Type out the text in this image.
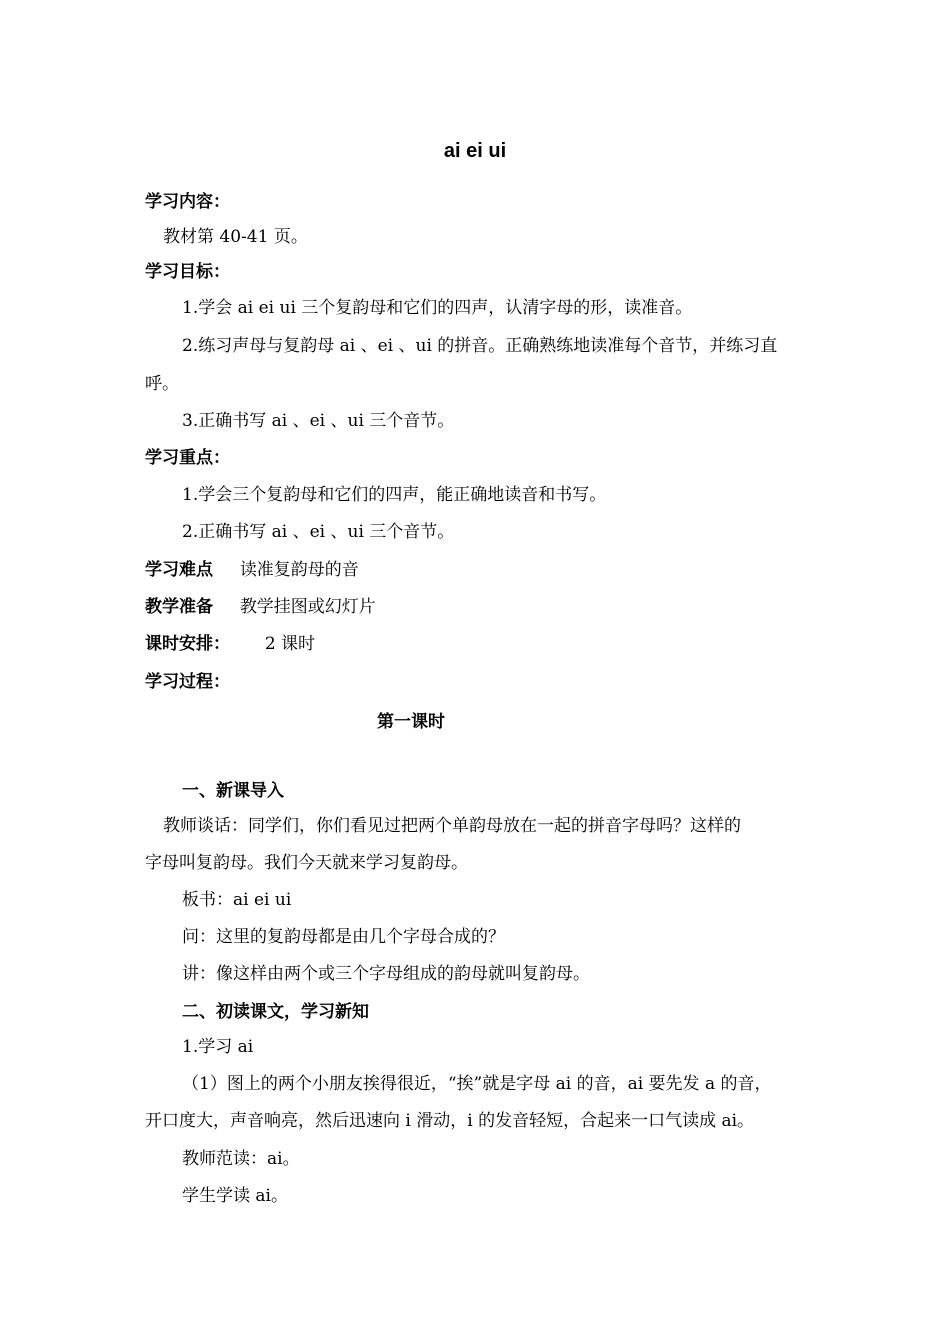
ai ei ui
学习内容：
教材第 40-41 页。
学习目标：
1.学会 ai ei ui 三个复韵母和它们的四声，认清字母的形，读准音。
2.练习声母与复韵母 ai 、ei 、ui 的拼音。正确熟练地读准每个音节，并练习直
呼。
3.正确书写 ai 、ei 、ui 三个音节。
学习重点：
1.学会三个复韵母和它们的四声，能正确地读音和书写。
2.正确书写 ai 、ei 、ui 三个音节。
学习难点 读准复韵母的音
教学准备 教学挂图或幻灯片
课时安排： 2 课时
学习过程：
第一课时
一、新课导入
教师谈话：同学们，你们看见过把两个单韵母放在一起的拼音字母吗？这样的
字母叫复韵母。我们今天就来学习复韵母。
板书：ai ei ui
问：这里的复韵母都是由几个字母合成的？
讲：像这样由两个或三个字母组成的韵母就叫复韵母。
二、初读课文，学习新知
1.学习 ai
（1）图上的两个小朋友挨得很近，“挨”就是字母 ai 的音，ai 要先发 a 的音，
开口度大，声音响亮，然后迅速向 i 滑动，i 的发音轻短，合起来一口气读成 ai。
教师范读：ai。
学生学读 ai。
